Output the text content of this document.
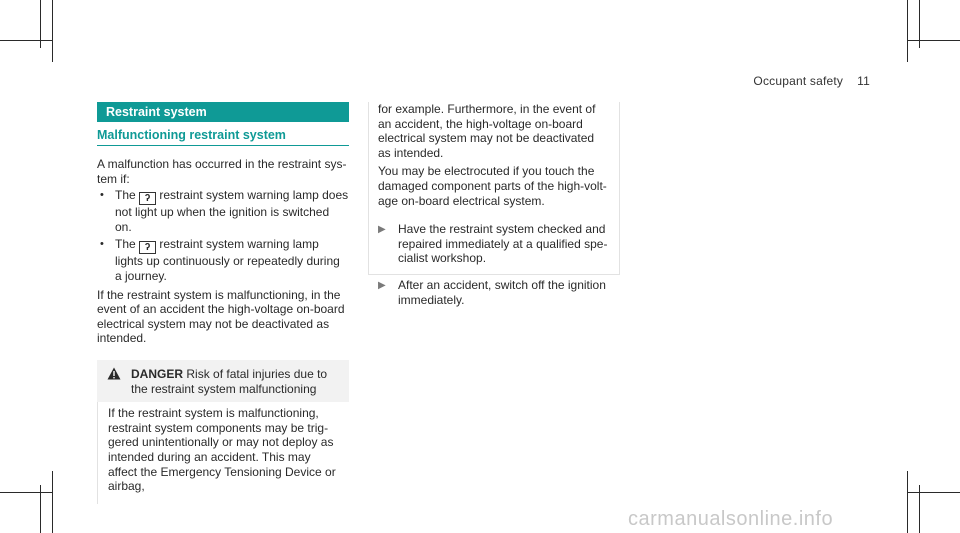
Occupant safety 11
Restraint system
Malfunctioning restraint system
A malfunction has occurred in the restraint sys-
tem if:
• The ʔ restraint system warning lamp does not light up when the ignition is switched on.
• The ʔ restraint system warning lamp lights up continuously or repeatedly during a journey.
If the restraint system is malfunctioning, in the event of an accident the high-voltage on-board electrical system may not be deactivated as intended.
DANGER Risk of fatal injuries due to the restraint system malfunctioning
If the restraint system is malfunctioning, restraint system components may be trig-gered unintentionally or may not deploy as intended during an accident. This may affect the Emergency Tensioning Device or airbag,
for example. Furthermore, in the event of an accident, the high-voltage on-board electrical system may not be deactivated as intended.
You may be electrocuted if you touch the damaged component parts of the high-volt-age on-board electrical system.
▶	Have the restraint system checked and repaired immediately at a qualified spe-cialist workshop.
▶	After an accident, switch off the ignition immediately.
carmanualsonline.info
